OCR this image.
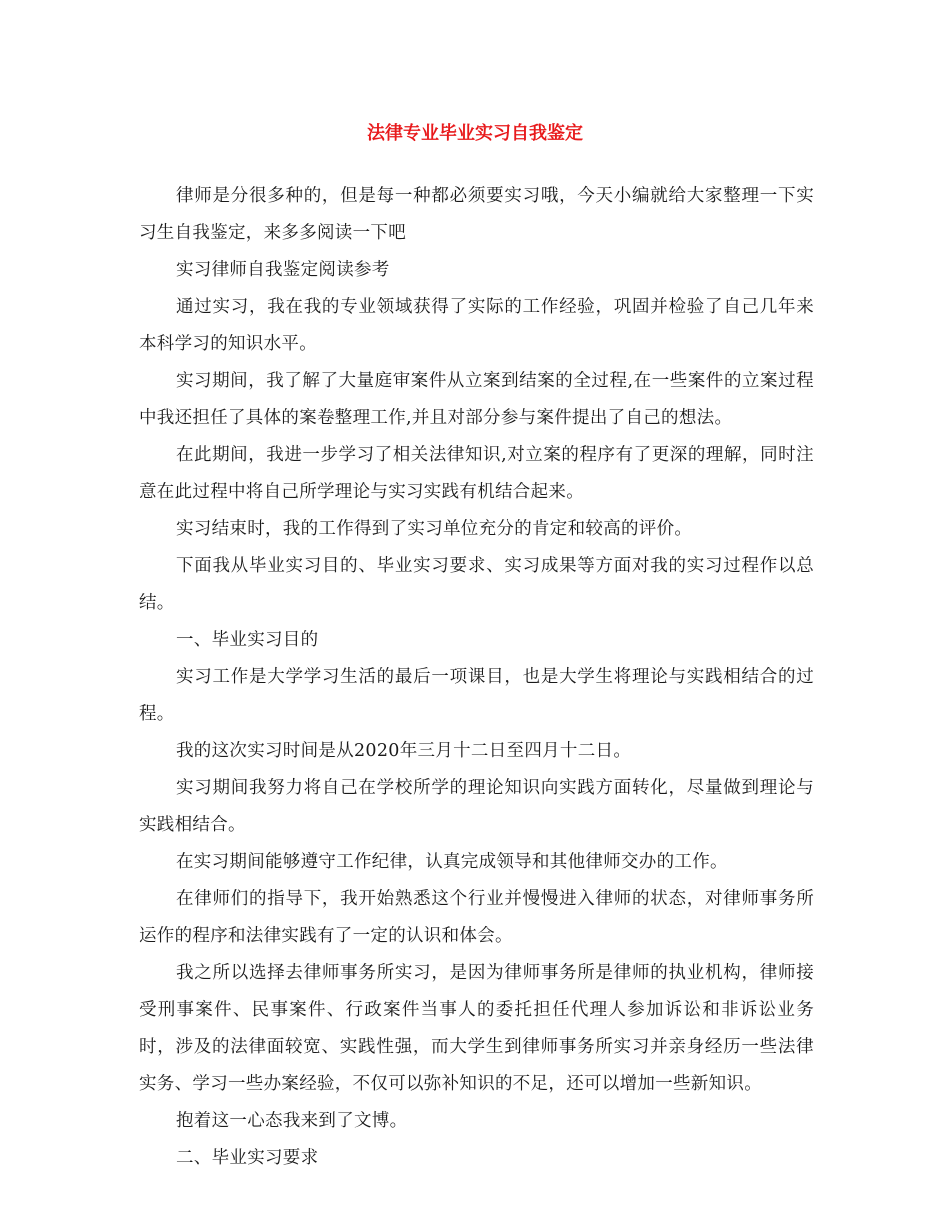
法律专业毕业实习自我鉴定

律师是分很多种的，但是每一种都必须要实习哦，今天小编就给大家整理一下实习生自我鉴定，来多多阅读一下吧

实习律师自我鉴定阅读参考

通过实习，我在我的专业领域获得了实际的工作经验，巩固并检验了自己几年来本科学习的知识水平。

实习期间，我了解了大量庭审案件从立案到结案的全过程,在一些案件的立案过程中我还担任了具体的案卷整理工作,并且对部分参与案件提出了自己的想法。

在此期间，我进一步学习了相关法律知识,对立案的程序有了更深的理解，同时注意在此过程中将自己所学理论与实习实践有机结合起来。

实习结束时，我的工作得到了实习单位充分的肯定和较高的评价。

下面我从毕业实习目的、毕业实习要求、实习成果等方面对我的实习过程作以总结。

一、毕业实习目的

实习工作是大学学习生活的最后一项课目，也是大学生将理论与实践相结合的过程。

我的这次实习时间是从2020年三月十二日至四月十二日。

实习期间我努力将自己在学校所学的理论知识向实践方面转化，尽量做到理论与实践相结合。

在实习期间能够遵守工作纪律，认真完成领导和其他律师交办的工作。

在律师们的指导下，我开始熟悉这个行业并慢慢进入律师的状态，对律师事务所运作的程序和法律实践有了一定的认识和体会。

我之所以选择去律师事务所实习，是因为律师事务所是律师的执业机构，律师接受刑事案件、民事案件、行政案件当事人的委托担任代理人参加诉讼和非诉讼业务时，涉及的法律面较宽、实践性强，而大学生到律师事务所实习并亲身经历一些法律实务、学习一些办案经验，不仅可以弥补知识的不足，还可以增加一些新知识。

抱着这一心态我来到了文博。

二、毕业实习要求
